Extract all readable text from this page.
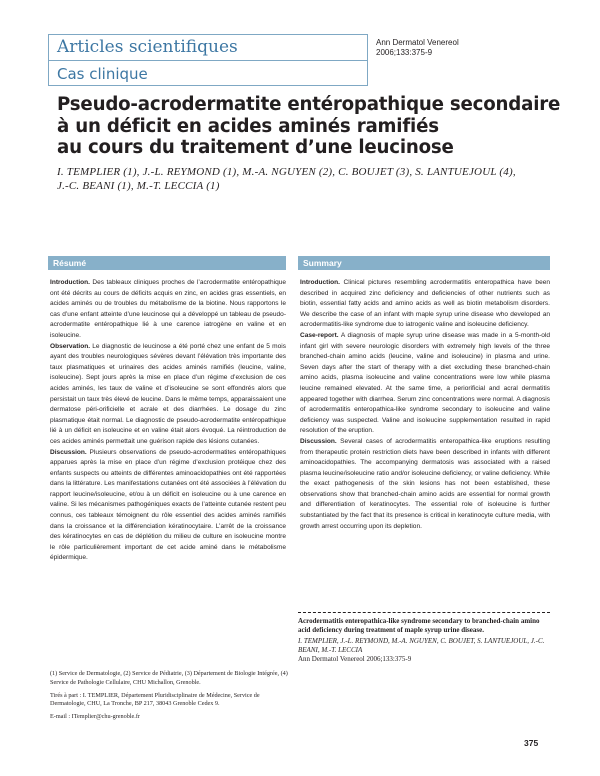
Articles scientifiques
Cas clinique
Ann Dermatol Venereol
2006;133:375-9
Pseudo-acrodermatite entéropathique secondaire
à un déficit en acides aminés ramifiés
au cours du traitement d’une leucinose
I. TEMPLIER (1), J.-L. REYMOND (1), M.-A. NGUYEN (2), C. BOUJET (3), S. LANTUEJOUL (4),
J.-C. BEANI (1), M.-T. LECCIA (1)
Résumé	Summary

Introduction. Des tableaux cliniques proches de l’acrodermatite entéropathique ont été décrits au cours de déficits acquis en zinc, en acides gras essentiels, en acides aminés ou de troubles du métabolisme de la biotine. Nous rapportons le cas d’une enfant atteinte d’une leucinose qui a développé un tableau de pseudo-acrodermatite entéropathique lié à une carence iatrogène en valine et en isoleucine.

Observation. Le diagnostic de leucinose a été porté chez une enfant de 5 mois ayant des troubles neurologiques sévères devant l’élévation très importante des taux plasmatiques et urinaires des acides aminés ramifiés (leucine, valine, isoleucine). Sept jours après la mise en place d’un régime d’exclusion de ces acides aminés, les taux de valine et d’isoleucine se sont effondrés alors que persistait un taux très élevé de leucine. Dans le même temps, apparaissaient une dermatose péri-orificielle et acrale et des diarrhées. Le dosage du zinc plasmatique était normal. Le diagnostic de pseudo-acrodermatite entéropathique lié à un déficit en isoleucine et en valine était alors évoqué. La réintroduction de ces acides aminés permettait une guérison rapide des lésions cutanées.

Discussion. Plusieurs observations de pseudo-acrodermatites entéropathiques apparues après la mise en place d’un régime d’exclusion protéique chez des enfants suspects ou atteints de différentes aminoacidopathies ont été rapportées dans la littérature. Les manifestations cutanées ont été associées à l’élévation du rapport leucine/isoleucine, et/ou à un déficit en isoleucine ou à une carence en valine. Si les mécanismes pathogéniques exacts de l’atteinte cutanée restent peu connus, ces tableaux témoignent du rôle essentiel des acides aminés ramifiés dans la croissance et la différenciation kératinocytaire. L’arrêt de la croissance des kératinocytes en cas de déplétion du milieu de culture en isoleucine montre le rôle particulièrement important de cet acide aminé dans le métabolisme épidermique.

Introduction. Clinical pictures resembling acrodermatitis enteropathica have been described in acquired zinc deficiency and deficiencies of other nutrients such as biotin, essential fatty acids and amino acids as well as biotin metabolism disorders. We describe the case of an infant with maple syrup urine disease who developed an acrodermatitis-like syndrome due to iatrogenic valine and isoleucine deficiency.

Case-report. A diagnosis of maple syrup urine disease was made in a 5-month-old infant girl with severe neurologic disorders with extremely high levels of the three branched-chain amino acids (leucine, valine and isoleucine) in plasma and urine. Seven days after the start of therapy with a diet excluding these branched-chain amino acids, plasma isoleucine and valine concentrations were low while plasma leucine remained elevated. At the same time, a periorificial and acral dermatitis appeared together with diarrhea. Serum zinc concentrations were normal. A diagnosis of acrodermatitis enteropathica-like syndrome secondary to isoleucine and valine deficiency was suspected. Valine and isoleucine supplementation resulted in rapid resolution of the eruption.

Discussion. Several cases of acrodermatitis enteropathica-like eruptions resulting from therapeutic protein restriction diets have been described in infants with different aminoacidopathies. The accompanying dermatosis was associated with a raised plasma leucine/isoleucine ratio and/or isoleucine deficiency, or valine deficiency. While the exact pathogenesis of the skin lesions has not been established, these observations show that branched-chain amino acids are essential for normal growth and differentiation of keratinocytes. The essential role of isoleucine is further substantiated by the fact that its presence is critical in keratinocyte culture media, with growth arrest occurring upon its depletion.

Acrodermatitis enteropathica-like syndrome secondary to branched-chain amino acid deficiency during treatment of maple syrup urine disease.
I. TEMPLIER, J.-L. REYMOND, M.-A. NGUYEN, C. BOUJET, S. LANTUEJOUL, J.-C. BEANI, M.-T. LECCIA
Ann Dermatol Venereol 2006;133:375-9

(1) Service de Dermatologie, (2) Service de Pédiatrie, (3) Département de Biologie Intégrée, (4) Service de Pathologie Cellulaire, CHU Michallon, Grenoble.

Tirés à part : I. TEMPLIER, Département Pluridisciplinaire de Médecine, Service de Dermatologie, CHU, La Tronche, BP 217, 38043 Grenoble Cedex 9.

E-mail : ITemplier@chu-grenoble.fr

375
